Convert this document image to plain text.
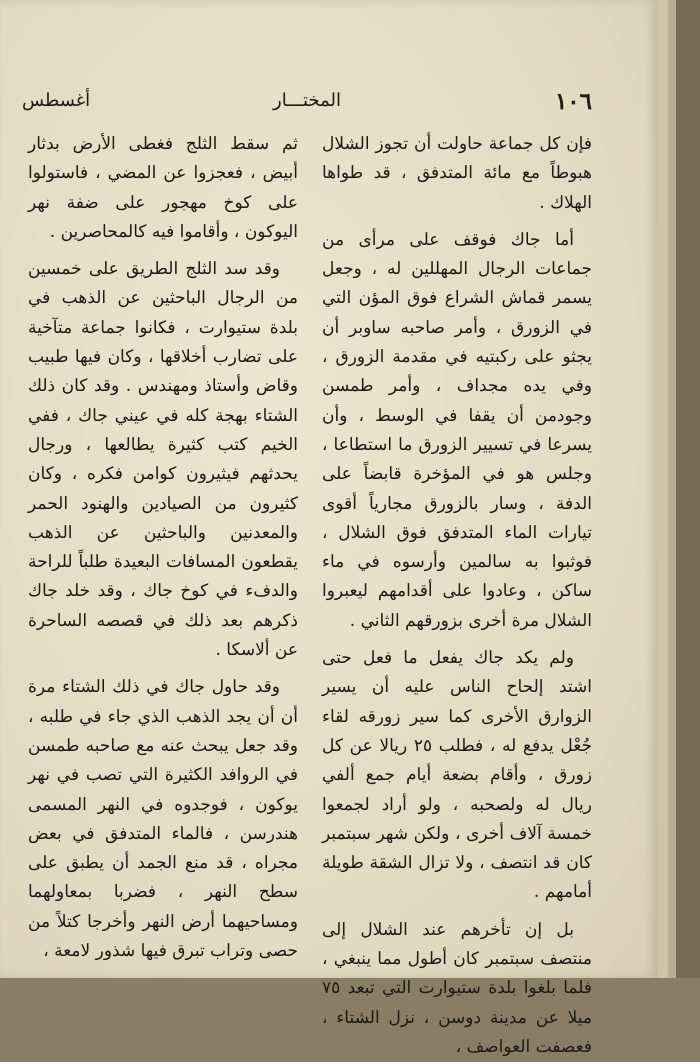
١٠٦
المختـــار
أغسطس

فإن كل جماعة حاولت أن تجوز الشلال هبوطاً مع مائة المتدفق ، قد طواها الهلاك .

أما جاك فوقف على مرأى من جماعات الرجال المهللين له ، وجعل يسمر قماش الشراع فوق المؤن التي في الزورق ، وأمر صاحبه ساوبر أن يجثو على ركبتيه في مقدمة الزورق ، وفي يده مجداف ، وأمر طمسن وجودمن أن يقفا في الوسط ، وأن يسرعا في تسيير الزورق ما استطاعا ، وجلس هو في المؤخرة قابضاً على الدفة ، وسار بالزورق مجارياً أقوى تيارات الماء المتدفق فوق الشلال ، فوثبوا به سالمين وأرسوه في ماء ساكن ، وعادوا على أقدامهم ليعبروا الشلال مرة أخرى بزورقهم الثاني .

ولم يكد جاك يفعل ما فعل حتى اشتد إلحاح الناس عليه أن يسير الزوارق الأخرى كما سير زورقه لقاء جُعْل يدفع له ، فطلب ٢٥ ريالا عن كل زورق ، وأقام بضعة أيام جمع ألفي ريال له ولصحبه ، ولو أراد لجمعوا خمسة آلاف أخرى ، ولكن شهر سبتمبر كان قد انتصف ، ولا تزال الشقة طويلة أمامهم .

بل إن تأخرهم عند الشلال إلى منتصف سبتمبر كان أطول مما ينبغي ، فلما بلغوا بلدة ستيوارت التي تبعد ٧٥ ميلا عن مدينة دوسن ، نزل الشتاء ، فعصفت العواصف ،

ثم سقط الثلج فغطى الأرض بدثار أبيض ، فعجزوا عن المضي ، فاستولوا على كوخ مهجور على ضفة نهر اليوكون ، وأقاموا فيه كالمحاصرين .

وقد سد الثلج الطريق على خمسين من الرجال الباحثين عن الذهب في بلدة ستيوارت ، فكانوا جماعة متآخية على تضارب أخلاقها ، وكان فيها طبيب وقاض وأستاذ ومهندس . وقد كان ذلك الشتاء بهجة كله في عيني جاك ، ففي الخيم كتب كثيرة يطالعها ، ورجال يحدثهم فيثيرون كوامن فكره ، وكان كثيرون من الصيادين والهنود الحمر والمعدنين والباحثين عن الذهب يقطعون المسافات البعيدة طلباً للراحة والدفء في كوخ جاك ، وقد خلد جاك ذكرهم بعد ذلك في قصصه الساحرة عن ألاسكا .

وقد حاول جاك في ذلك الشتاء مرة أن أن يجد الذهب الذي جاء في طلبه ، وقد جعل يبحث عنه مع صاحبه طمسن في الروافد الكثيرة التي تصب في نهر يوكون ، فوجدوه في النهر المسمى هندرسن ، فالماء المتدفق في بعض مجراه ، قد منع الجمد أن يطبق على سطح النهر ، فضربا بمعاولهما ومساحيهما أرض النهر وأخرجا كتلاً من حصى وتراب تبرق فيها شذور لامعة ،
